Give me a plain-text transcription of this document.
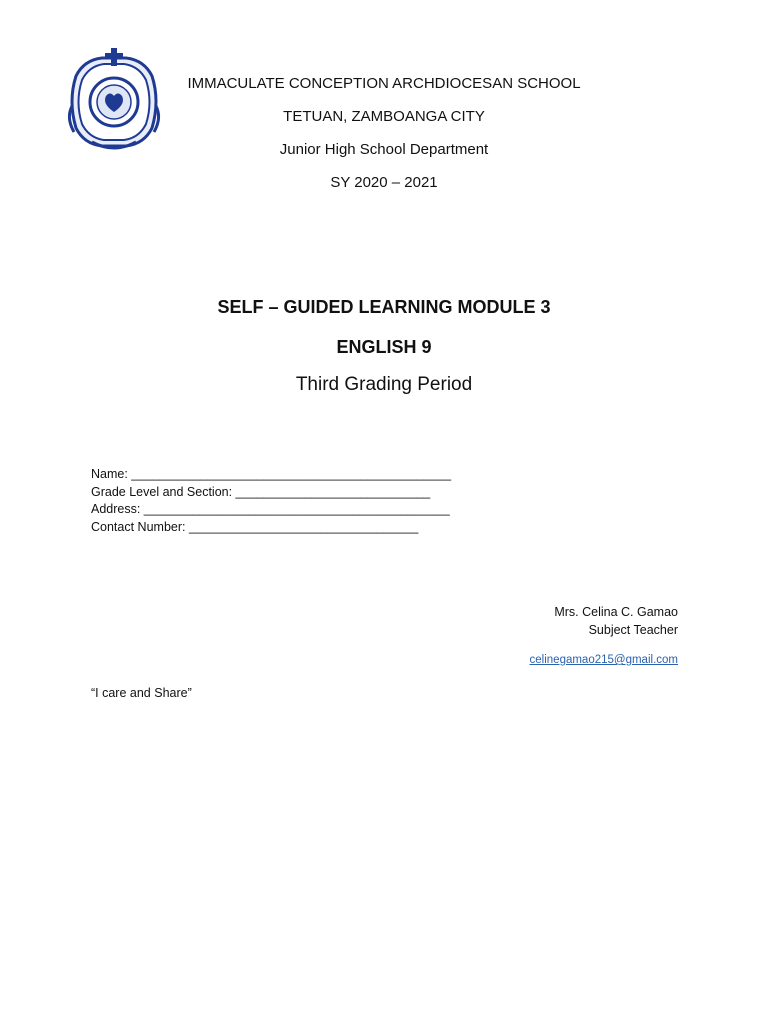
IMMACULATE CONCEPTION ARCHDIOCESAN SCHOOL
TETUAN, ZAMBOANGA CITY
Junior High School Department
SY 2020 – 2021
SELF – GUIDED LEARNING MODULE 3
ENGLISH 9
Third Grading Period
Name: ______________________________________________
Grade Level and Section: ____________________________
Address: ____________________________________________
Contact Number: _________________________________
Mrs. Celina C. Gamao
Subject Teacher
celinegamao215@gmail.com
“I care and Share”
